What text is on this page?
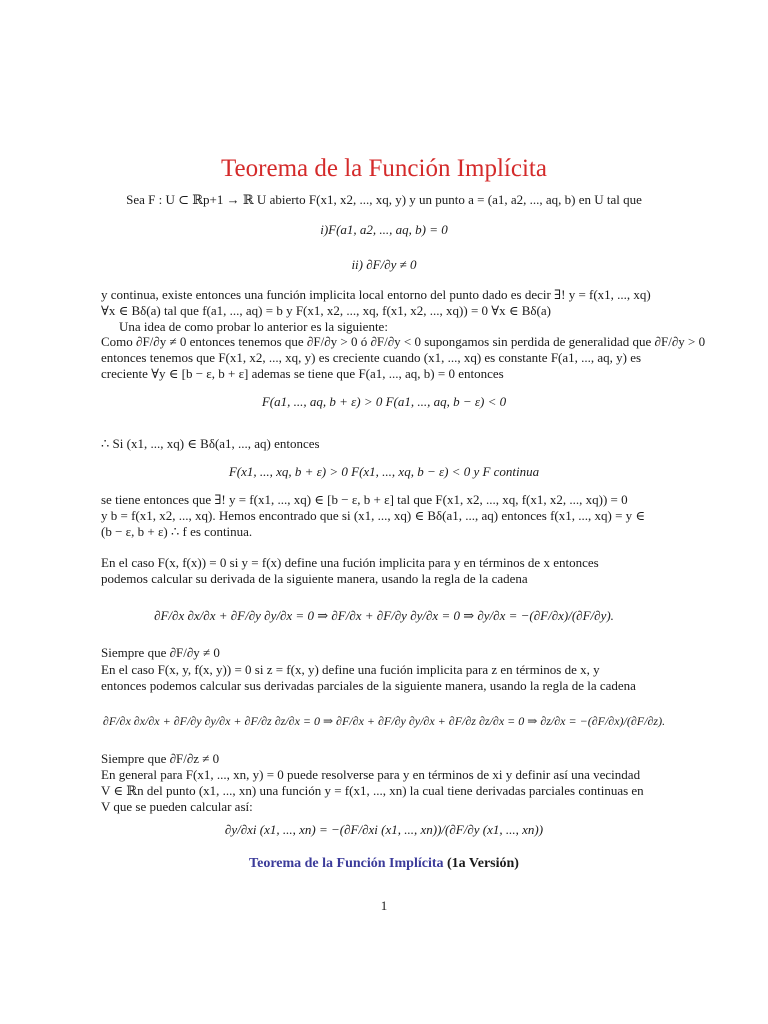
Teorema de la Función Implícita
Sea F : U ⊂ ℝp+1 → ℝ U abierto F(x1, x2, ..., xq, y) y un punto a = (a1, a2, ..., aq, b) en U tal que
i)F(a1, a2, ..., aq, b) = 0
ii) ∂F/∂y ≠ 0
y continua, existe entonces una función implicita local entorno del punto dado es decir ∃! y = f(x1, ..., xq)
∀x ∈ Bδ(a) tal que f(a1, ..., aq) = b y F(x1, x2, ..., xq, f(x1, x2, ..., xq)) = 0 ∀x ∈ Bδ(a)
Una idea de como probar lo anterior es la siguiente:
Como ∂F/∂y ≠ 0 entonces tenemos que ∂F/∂y > 0 ó ∂F/∂y < 0 supongamos sin perdida de generalidad que ∂F/∂y > 0
entonces tenemos que F(x1, x2, ..., xq, y) es creciente cuando (x1, ..., xq) es constante F(a1, ..., aq, y) es
creciente ∀y ∈ [b − ε, b + ε] ademas se tiene que F(a1, ..., aq, b) = 0 entonces
F(a1, ..., aq, b + ε) > 0 F(a1, ..., aq, b − ε) < 0
∴ Si (x1, ..., xq) ∈ Bδ(a1, ..., aq) entonces
F(x1, ..., xq, b + ε) > 0 F(x1, ..., xq, b − ε) < 0 y F continua
se tiene entonces que ∃! y = f(x1, ..., xq) ∈ [b − ε, b + ε] tal que F(x1, x2, ..., xq, f(x1, x2, ..., xq)) = 0
y b = f(x1, x2, ..., xq). Hemos encontrado que si (x1, ..., xq) ∈ Bδ(a1, ..., aq) entonces f(x1, ..., xq) = y ∈
(b − ε, b + ε) ∴ f es continua.
En el caso F(x, f(x)) = 0 si y = f(x) define una fución implicita para y en términos de x entonces
podemos calcular su derivada de la siguiente manera, usando la regla de la cadena
∂F/∂x ∂x/∂x + ∂F/∂y ∂y/∂x = 0 ⇒ ∂F/∂x + ∂F/∂y ∂y/∂x = 0 ⇒ ∂y/∂x = −(∂F/∂x)/(∂F/∂y).
Siempre que ∂F/∂y ≠ 0
En el caso F(x, y, f(x, y)) = 0 si z = f(x, y) define una fución implicita para z en términos de x, y
entonces podemos calcular sus derivadas parciales de la siguiente manera, usando la regla de la cadena
∂F/∂x ∂x/∂x + ∂F/∂y ∂y/∂x + ∂F/∂z ∂z/∂x = 0 ⇒ ∂F/∂x + ∂F/∂y ∂y/∂x + ∂F/∂z ∂z/∂x = 0 ⇒ ∂z/∂x = −(∂F/∂x)/(∂F/∂z).
Siempre que ∂F/∂z ≠ 0
En general para F(x1, ..., xn, y) = 0 puede resolverse para y en términos de xi y definir así una vecindad
V ∈ ℝn del punto (x1, ..., xn) una función y = f(x1, ..., xn) la cual tiene derivadas parciales continuas en
V que se pueden calcular así:
∂y/∂xi (x1, ..., xn) = −(∂F/∂xi (x1, ..., xn))/(∂F/∂y (x1, ..., xn))
Teorema de la Función Implícita (1a Versión)
1
